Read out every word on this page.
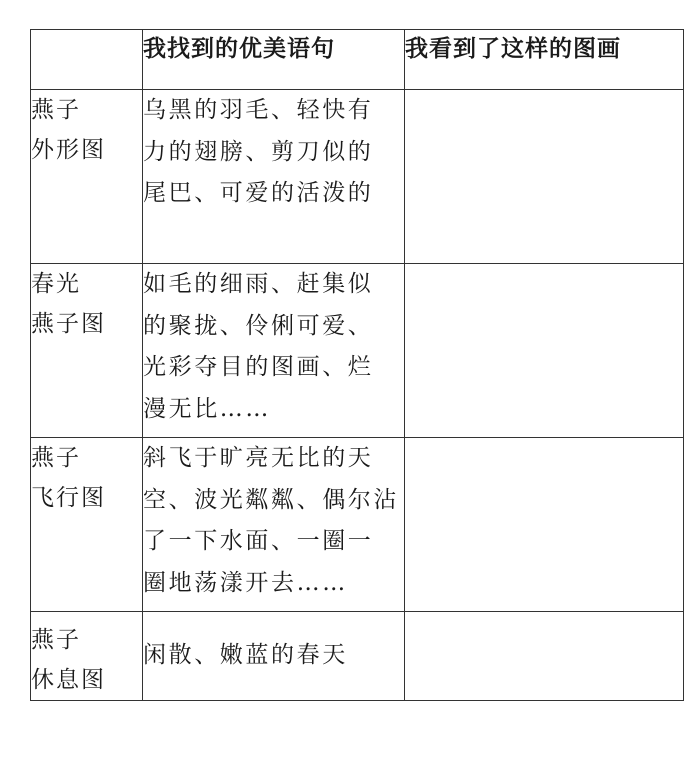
	我找到的优美语句	我看到了这样的图画

燕子
外形图	乌黑的羽毛、轻快有
力的翅膀、剪刀似的
尾巴、可爱的活泼的	

春光
燕子图	如毛的细雨、赶集似
的聚拢、伶俐可爱、
光彩夺目的图画、烂
漫无比……	

燕子
飞行图	斜飞于旷亮无比的天
空、波光粼粼、偶尔沾
了一下水面、一圈一
圈地荡漾开去……	

燕子
休息图	闲散、嫩蓝的春天	
